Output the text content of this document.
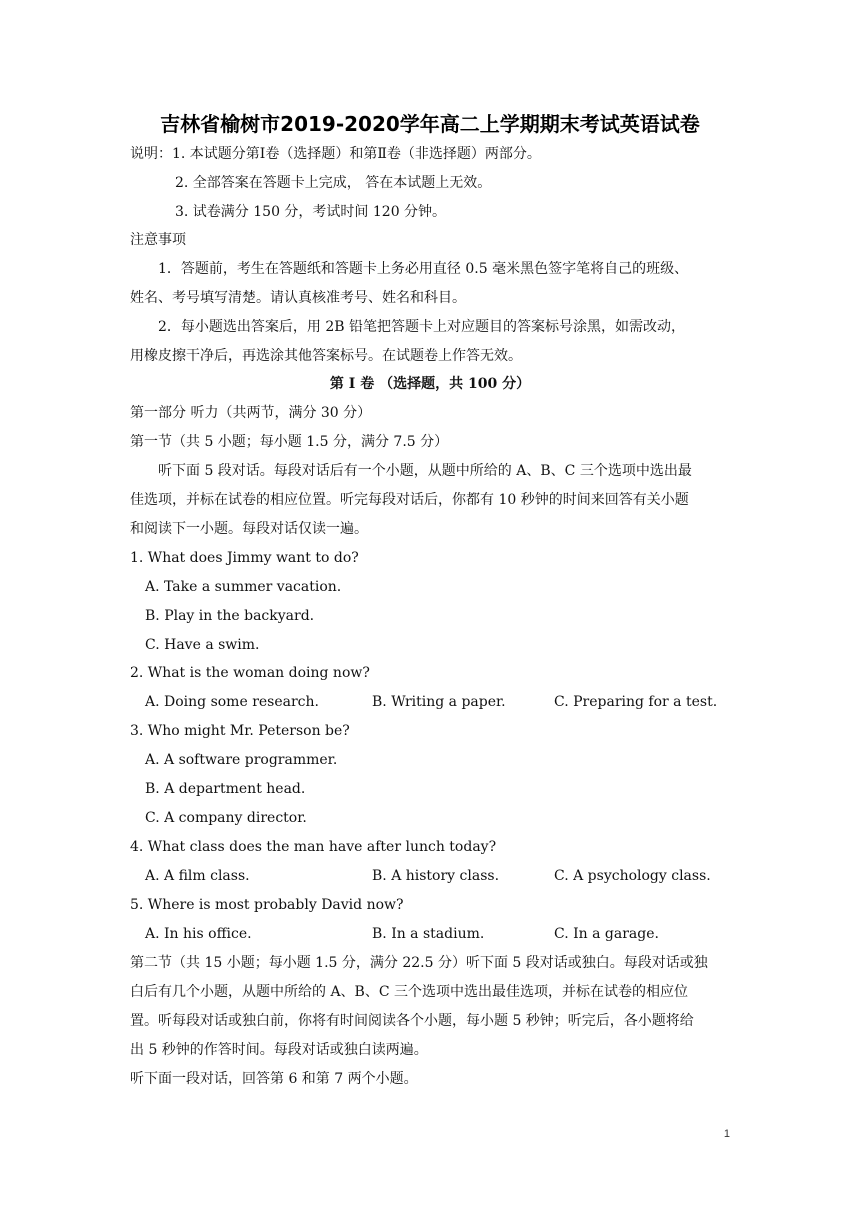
吉林省榆树市2019-2020学年高二上学期期末考试英语试卷
说明：1. 本试题分第Ⅰ卷（选择题）和第Ⅱ卷（非选择题）两部分。
2. 全部答案在答题卡上完成， 答在本试题上无效。
3. 试卷满分 150 分，考试时间 120 分钟。
注意事项
1．答题前，考生在答题纸和答题卡上务必用直径 0.5 毫米黑色签字笔将自己的班级、
姓名、考号填写清楚。请认真核准考号、姓名和科目。
2．每小题选出答案后，用 2B 铅笔把答题卡上对应题目的答案标号涂黑，如需改动，
用橡皮擦干净后，再选涂其他答案标号。在试题卷上作答无效。
第 I 卷 （选择题，共 100 分）
第一部分 听力（共两节，满分 30 分）
第一节（共 5 小题；每小题 1.5 分，满分 7.5 分）
听下面 5 段对话。每段对话后有一个小题，从题中所给的 A、B、C 三个选项中选出最
佳选项，并标在试卷的相应位置。听完每段对话后，你都有 10 秒钟的时间来回答有关小题
和阅读下一小题。每段对话仅读一遍。
1. What does Jimmy want to do?
A. Take a summer vacation.
B. Play in the backyard.
C. Have a swim.
2. What is the woman doing now?
A. Doing some research.	B. Writing a paper.	C. Preparing for a test.
3. Who might Mr. Peterson be?
A. A software programmer.
B. A department head.
C. A company director.
4. What class does the man have after lunch today?
A. A film class.	B. A history class.	C. A psychology class.
5. Where is most probably David now?
A. In his office.	B. In a stadium.	C. In a garage.
第二节（共 15 小题；每小题 1.5 分，满分 22.5 分）听下面 5 段对话或独白。每段对话或独
白后有几个小题，从题中所给的 A、B、C 三个选项中选出最佳选项，并标在试卷的相应位
置。听每段对话或独白前，你将有时间阅读各个小题，每小题 5 秒钟；听完后，各小题将给
出 5 秒钟的作答时间。每段对话或独白读两遍。
听下面一段对话，回答第 6 和第 7 两个小题。
1
